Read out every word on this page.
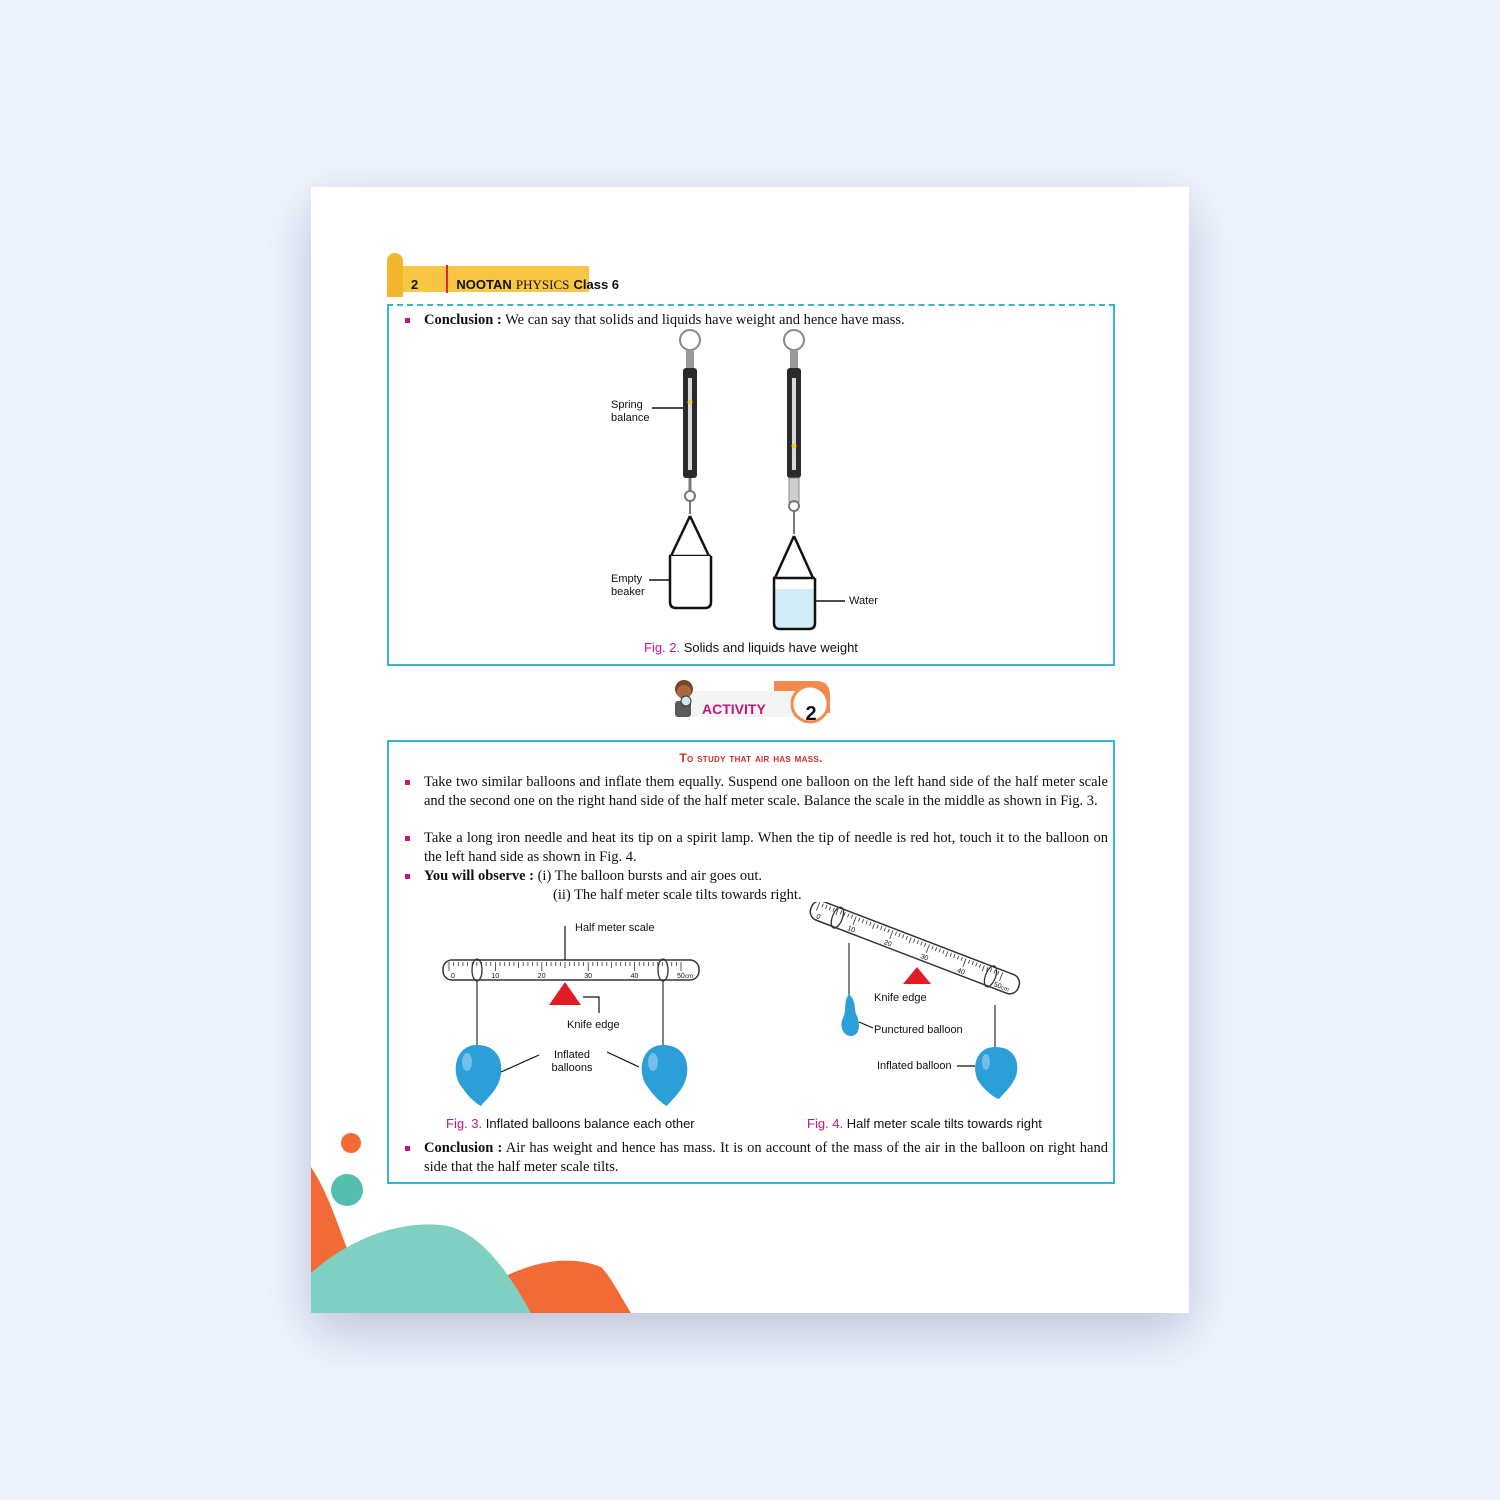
2	NOOTAN PHYSICS Class 6
Conclusion : We can say that solids and liquids have weight and hence have mass.
Spring balance
Empty beaker
Water
Fig. 2. Solids and liquids have weight
ACTIVITY 2
To study that air has mass.
Take two similar balloons and inflate them equally. Suspend one balloon on the left hand side of the half meter scale and the second one on the right hand side of the half meter scale. Balance the scale in the middle as shown in Fig. 3.
Take a long iron needle and heat its tip on a spirit lamp. When the tip of needle is red hot, touch it to the balloon on the left hand side as shown in Fig. 4.
You will observe : (i) The balloon bursts and air goes out.
(ii) The half meter scale tilts towards right.
0	10	20	30	40	50 cm
Half meter scale
Knife edge
Inflated balloons
Fig. 3. Inflated balloons balance each other
0
10
20
30
40
50
cm
Knife edge
Punctured balloon
Inflated balloon
Fig. 4. Half meter scale tilts towards right
Conclusion : Air has weight and hence has mass. It is on account of the mass of the air in the balloon on right hand side that the half meter scale tilts.
